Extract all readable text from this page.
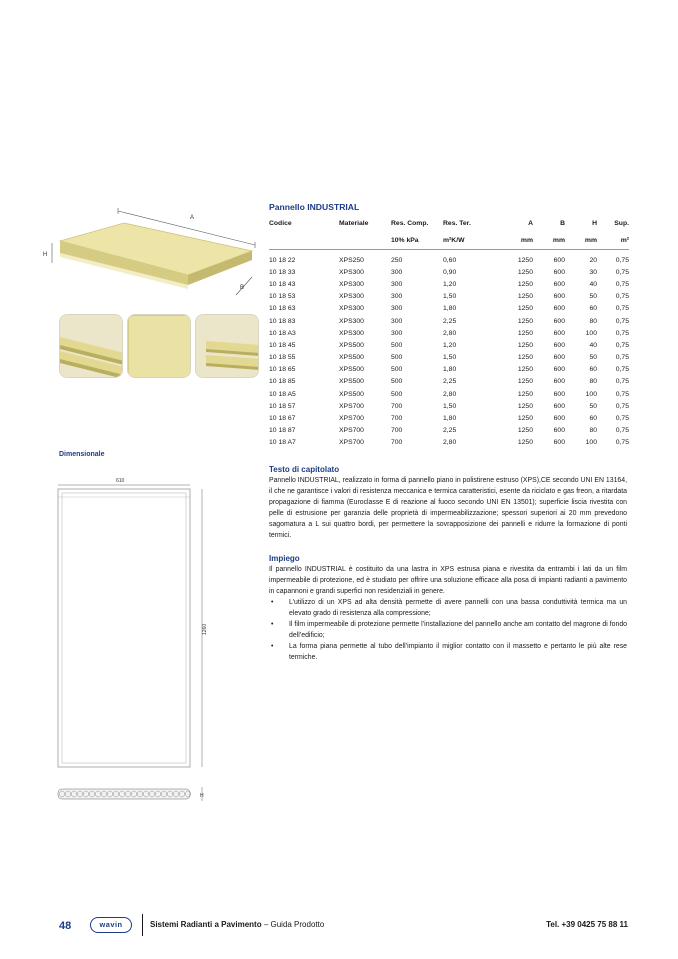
A
B
H
Pannello INDUSTRIAL
Codice	Materiale	Res. Comp.	Res. Ter.	A	B	H	Sup.
		10% kPa	m²K/W	mm	mm	mm	m²

10 18 22	XPS250	250	0,60	1250	600	20	0,75
10 18 33	XPS300	300	0,90	1250	600	30	0,75
10 18 43	XPS300	300	1,20	1250	600	40	0,75
10 18 53	XPS300	300	1,50	1250	600	50	0,75
10 18 63	XPS300	300	1,80	1250	600	60	0,75
10 18 83	XPS300	300	2,25	1250	600	80	0,75
10 18 A3	XPS300	300	2,80	1250	600	100	0,75
10 18 45	XPS500	500	1,20	1250	600	40	0,75
10 18 55	XPS500	500	1,50	1250	600	50	0,75
10 18 65	XPS500	500	1,80	1250	600	60	0,75
10 18 85	XPS500	500	2,25	1250	600	80	0,75
10 18 A5	XPS500	500	2,80	1250	600	100	0,75
10 18 57	XPS700	700	1,50	1250	600	50	0,75
10 18 67	XPS700	700	1,80	1250	600	60	0,75
10 18 87	XPS700	700	2,25	1250	600	80	0,75
10 18 A7	XPS700	700	2,80	1250	600	100	0,75
Testo di capitolato

Pannello INDUSTRIAL, realizzato in forma di pannello piano in polistirene estruso (XPS),CE secondo UNI EN 13164, il che ne garantisce i valori di resistenza meccanica e termica caratteristici, esente da riciclato e gas freon, a ritardata propagazione di fiamma (Euroclasse E di reazione al fuoco secondo UNI EN 13501); superficie liscia rivestita con pelle di estrusione per garanzia delle proprietà di impermeabilizzazione; spessori superiori ai 20 mm prevedono sagomatura a L sui quattro bordi, per permettere la sovrapposizione dei pannelli e ridurre la formazione di ponti termici.

Impiego

Il pannello INDUSTRIAL è costituito da una lastra in XPS estrusa piana e rivestita da entrambi i lati da un film impermeabile di protezione, ed è studiato per offrire una soluzione efficace alla posa di impianti radianti a pavimento in capannoni e grandi superfici non residenziali in genere.

• L’utilizzo di un XPS ad alta densità permette di avere pannelli con una bassa conduttività termica ma un elevato grado di resistenza alla compressione;
• Il film impermeabile di protezione permette l’installazione del pannello anche am contatto del magrone di fondo dell’edificio;
• La forma piana permette al tubo dell’impianto il miglior contatto con il massetto e pertanto le più alte rese termiche.
Dimensionale
610
1260
H
48	wavin	Sistemi Radianti a Pavimento – Guida Prodotto	Tel. +39 0425 75 88 11
